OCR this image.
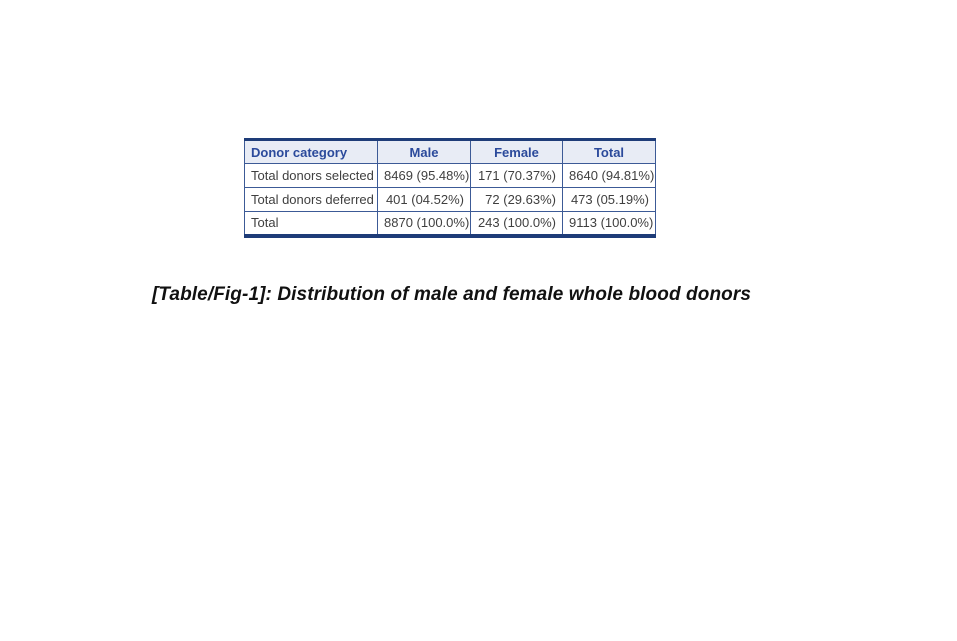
Donor category	Male	Female	Total
Total donors selected	8469 (95.48%)	171 (70.37%)	8640 (94.81%)
Total donors deferred	401 (04.52%)	72 (29.63%)	473 (05.19%)
Total	8870 (100.0%)	243 (100.0%)	9113 (100.0%)
[Table/Fig-1]: Distribution of male and female whole blood donors
